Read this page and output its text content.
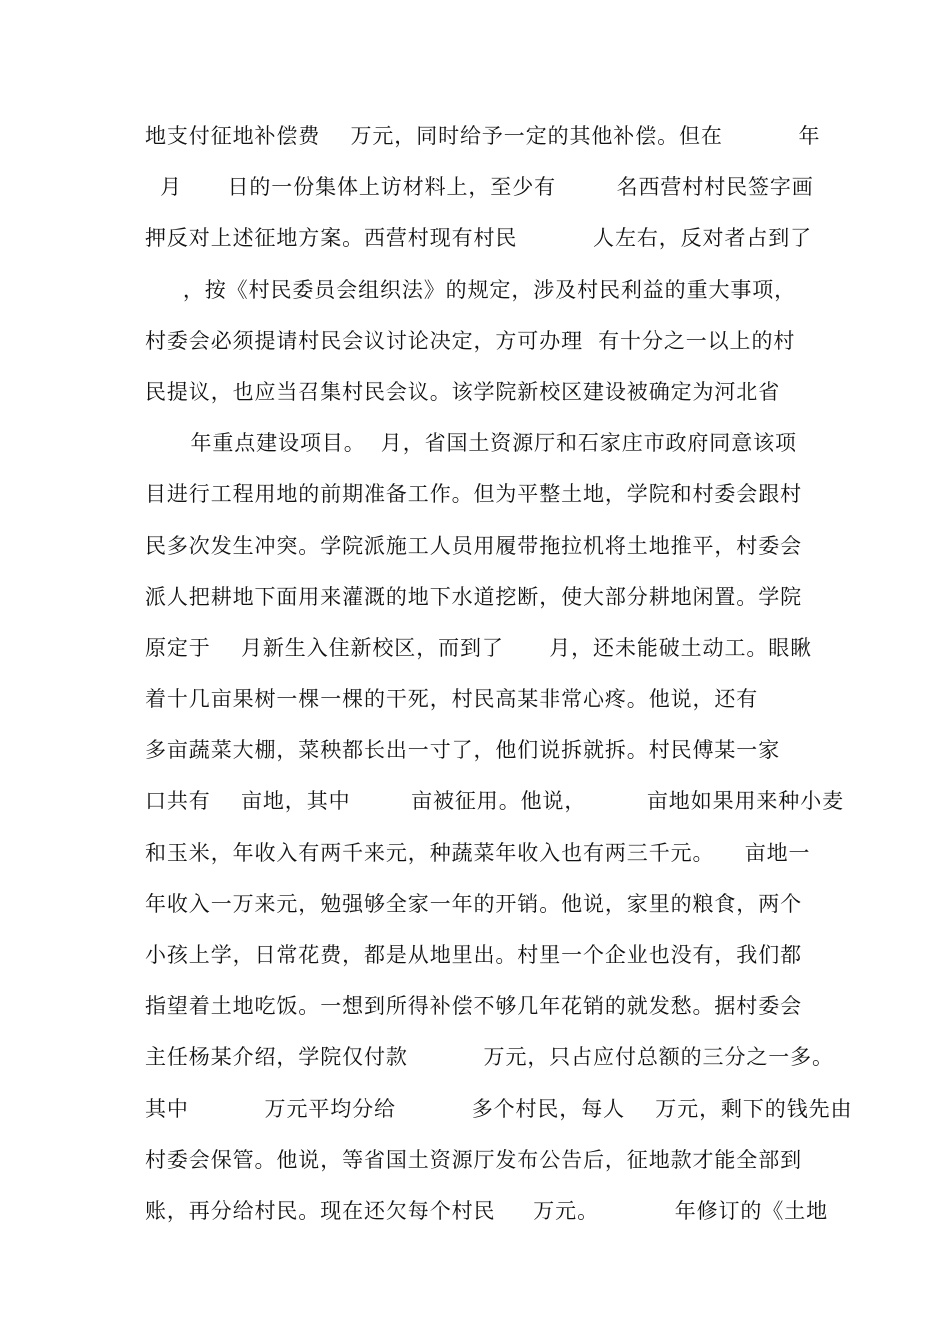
地支付征地补偿费    万元，同时给予一定的其他补偿。但在          年
月      日的一份集体上访材料上，至少有        名西营村村民签字画
押反对上述征地方案。西营村现有村民          人左右，反对者占到了
，按《村民委员会组织法》的规定，涉及村民利益的重大事项，
村委会必须提请村民会议讨论决定，方可办理  有十分之一以上的村
民提议，也应当召集村民会议。该学院新校区建设被确定为河北省
年重点建设项目。  月，省国土资源厅和石家庄市政府同意该项
目进行工程用地的前期准备工作。但为平整土地，学院和村委会跟村
民多次发生冲突。学院派施工人员用履带拖拉机将土地推平，村委会
派人把耕地下面用来灌溉的地下水道挖断，使大部分耕地闲置。学院
原定于    月新生入住新校区，而到了      月，还未能破土动工。眼瞅
着十几亩果树一棵一棵的干死，村民高某非常心疼。他说，还有
多亩蔬菜大棚，菜秧都长出一寸了，他们说拆就拆。村民傅某一家
口共有    亩地，其中        亩被征用。他说，        亩地如果用来种小麦
和玉米，年收入有两千来元，种蔬菜年收入也有两三千元。    亩地一
年收入一万来元，勉强够全家一年的开销。他说，家里的粮食，两个
小孩上学，日常花费，都是从地里出。村里一个企业也没有，我们都
指望着土地吃饭。一想到所得补偿不够几年花销的就发愁。据村委会
主任杨某介绍，学院仅付款          万元，只占应付总额的三分之一多。
其中          万元平均分给          多个村民，每人    万元，剩下的钱先由
村委会保管。他说，等省国土资源厅发布公告后，征地款才能全部到
账，再分给村民。现在还欠每个村民     万元。          年修订的《土地
